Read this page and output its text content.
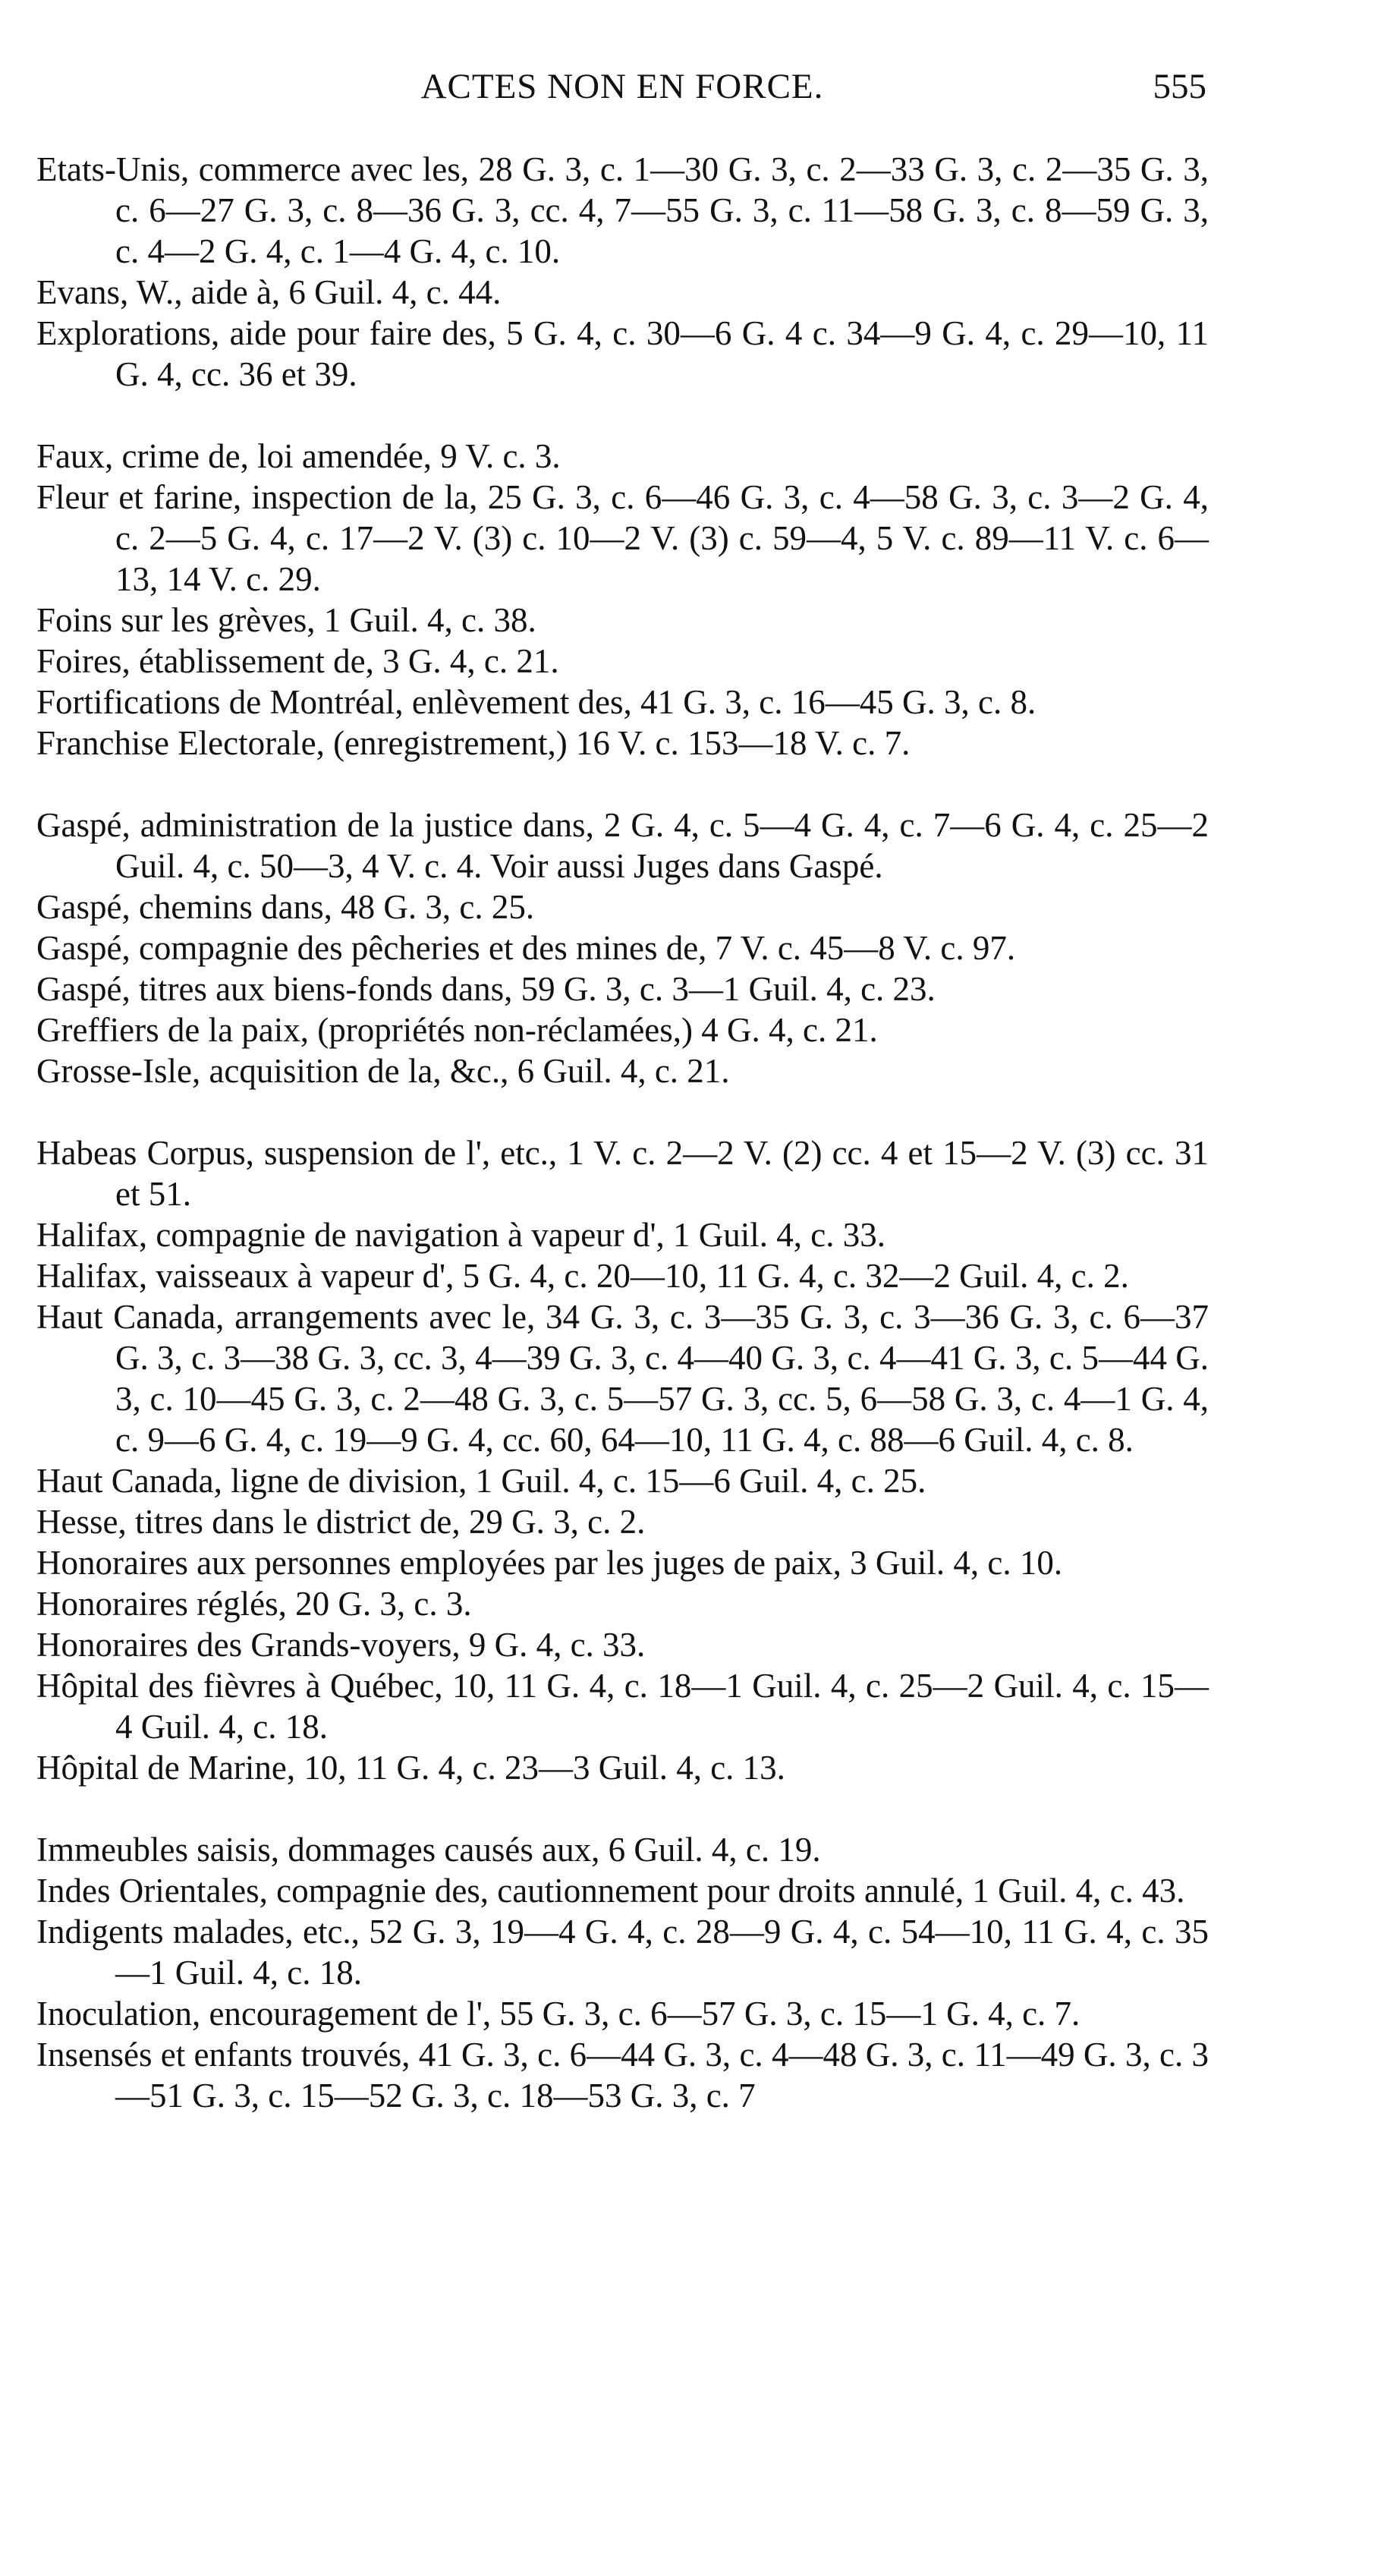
ACTES NON EN FORCE.	555

Etats-Unis, commerce avec les, 28 G. 3, c. 1—30 G. 3, c. 2—33 G. 3, c. 2—35 G. 3, c. 6—27 G. 3, c. 8—36 G. 3, cc. 4, 7—55 G. 3, c. 11—58 G. 3, c. 8—59 G. 3, c. 4—2 G. 4, c. 1—4 G. 4, c. 10.

Evans, W., aide à, 6 Guil. 4, c. 44.

Explorations, aide pour faire des, 5 G. 4, c. 30—6 G. 4 c. 34—9 G. 4, c. 29—10, 11 G. 4, cc. 36 et 39.

Faux, crime de, loi amendée, 9 V. c. 3.

Fleur et farine, inspection de la, 25 G. 3, c. 6—46 G. 3, c. 4—58 G. 3, c. 3—2 G. 4, c. 2—5 G. 4, c. 17—2 V. (3) c. 10—2 V. (3) c. 59—4, 5 V. c. 89—11 V. c. 6—13, 14 V. c. 29.

Foins sur les grèves, 1 Guil. 4, c. 38.

Foires, établissement de, 3 G. 4, c. 21.

Fortifications de Montréal, enlèvement des, 41 G. 3, c. 16—45 G. 3, c. 8.

Franchise Electorale, (enregistrement,) 16 V. c. 153—18 V. c. 7.

Gaspé, administration de la justice dans, 2 G. 4, c. 5—4 G. 4, c. 7—6 G. 4, c. 25—2 Guil. 4, c. 50—3, 4 V. c. 4. Voir aussi Juges dans Gaspé.

Gaspé, chemins dans, 48 G. 3, c. 25.

Gaspé, compagnie des pêcheries et des mines de, 7 V. c. 45—8 V. c. 97.

Gaspé, titres aux biens-fonds dans, 59 G. 3, c. 3—1 Guil. 4, c. 23.

Greffiers de la paix, (propriétés non-réclamées,) 4 G. 4, c. 21.

Grosse-Isle, acquisition de la, &c., 6 Guil. 4, c. 21.

Habeas Corpus, suspension de l', etc., 1 V. c. 2—2 V. (2) cc. 4 et 15—2 V. (3) cc. 31 et 51.

Halifax, compagnie de navigation à vapeur d', 1 Guil. 4, c. 33.

Halifax, vaisseaux à vapeur d', 5 G. 4, c. 20—10, 11 G. 4, c. 32—2 Guil. 4, c. 2.

Haut Canada, arrangements avec le, 34 G. 3, c. 3—35 G. 3, c. 3—36 G. 3, c. 6—37 G. 3, c. 3—38 G. 3, cc. 3, 4—39 G. 3, c. 4—40 G. 3, c. 4—41 G. 3, c. 5—44 G. 3, c. 10—45 G. 3, c. 2—48 G. 3, c. 5—57 G. 3, cc. 5, 6—58 G. 3, c. 4—1 G. 4, c. 9—6 G. 4, c. 19—9 G. 4, cc. 60, 64—10, 11 G. 4, c. 88—6 Guil. 4, c. 8.

Haut Canada, ligne de division, 1 Guil. 4, c. 15—6 Guil. 4, c. 25.

Hesse, titres dans le district de, 29 G. 3, c. 2.

Honoraires aux personnes employées par les juges de paix, 3 Guil. 4, c. 10.

Honoraires réglés, 20 G. 3, c. 3.

Honoraires des Grands-voyers, 9 G. 4, c. 33.

Hôpital des fièvres à Québec, 10, 11 G. 4, c. 18—1 Guil. 4, c. 25—2 Guil. 4, c. 15—4 Guil. 4, c. 18.

Hôpital de Marine, 10, 11 G. 4, c. 23—3 Guil. 4, c. 13.

Immeubles saisis, dommages causés aux, 6 Guil. 4, c. 19.

Indes Orientales, compagnie des, cautionnement pour droits annulé, 1 Guil. 4, c. 43.

Indigents malades, etc., 52 G. 3, 19—4 G. 4, c. 28—9 G. 4, c. 54—10, 11 G. 4, c. 35—1 Guil. 4, c. 18.

Inoculation, encouragement de l', 55 G. 3, c. 6—57 G. 3, c. 15—1 G. 4, c. 7.

Insensés et enfants trouvés, 41 G. 3, c. 6—44 G. 3, c. 4—48 G. 3, c. 11—49 G. 3, c. 3—51 G. 3, c. 15—52 G. 3, c. 18—53 G. 3, c. 7
